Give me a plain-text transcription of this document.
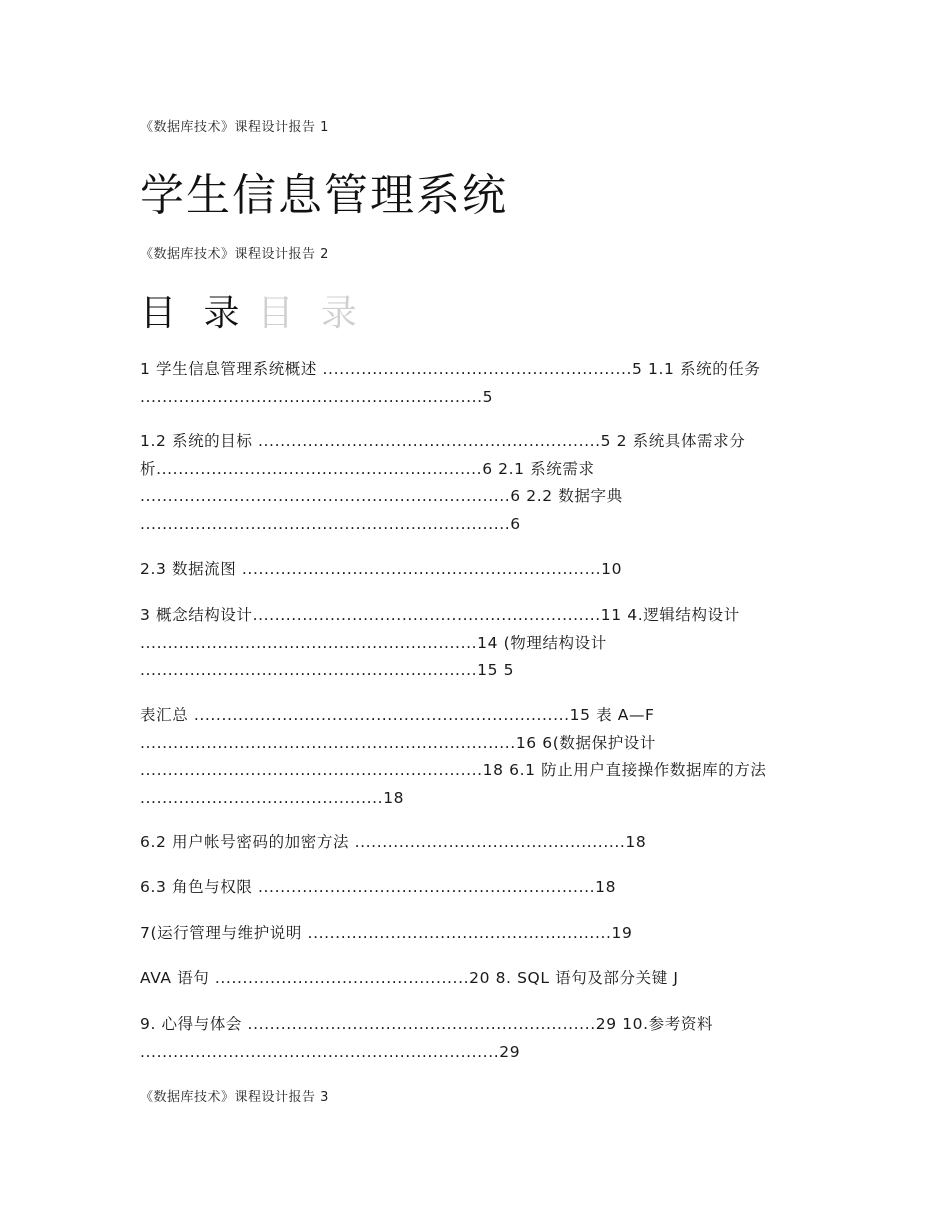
《数据库技术》课程设计报告 1
学生信息管理系统
《数据库技术》课程设计报告 2
目 录 目 录
1 学生信息管理系统概述 ........................................................5 1.1 系统的任务 ..............................................................5
1.2 系统的目标 ..............................................................5 2 系统具体需求分析...........................................................6 2.1 系统需求 ...................................................................6 2.2 数据字典 ...................................................................6
2.3 数据流图 .................................................................10
3 概念结构设计...............................................................11 4.逻辑结构设计 .............................................................14 (物理结构设计 .............................................................15 5
表汇总 ....................................................................15 表 A—F ....................................................................16 6(数据保护设计 ..............................................................18 6.1 防止用户直接操作数据库的方法 ............................................18
6.2 用户帐号密码的加密方法 .................................................18
6.3 角色与权限 .............................................................18
7(运行管理与维护说明 .......................................................19
AVA 语句 ..............................................20 8. SQL 语句及部分关键 J
9. 心得与体会 ...............................................................29 10.参考资料 .................................................................29
《数据库技术》课程设计报告 3
